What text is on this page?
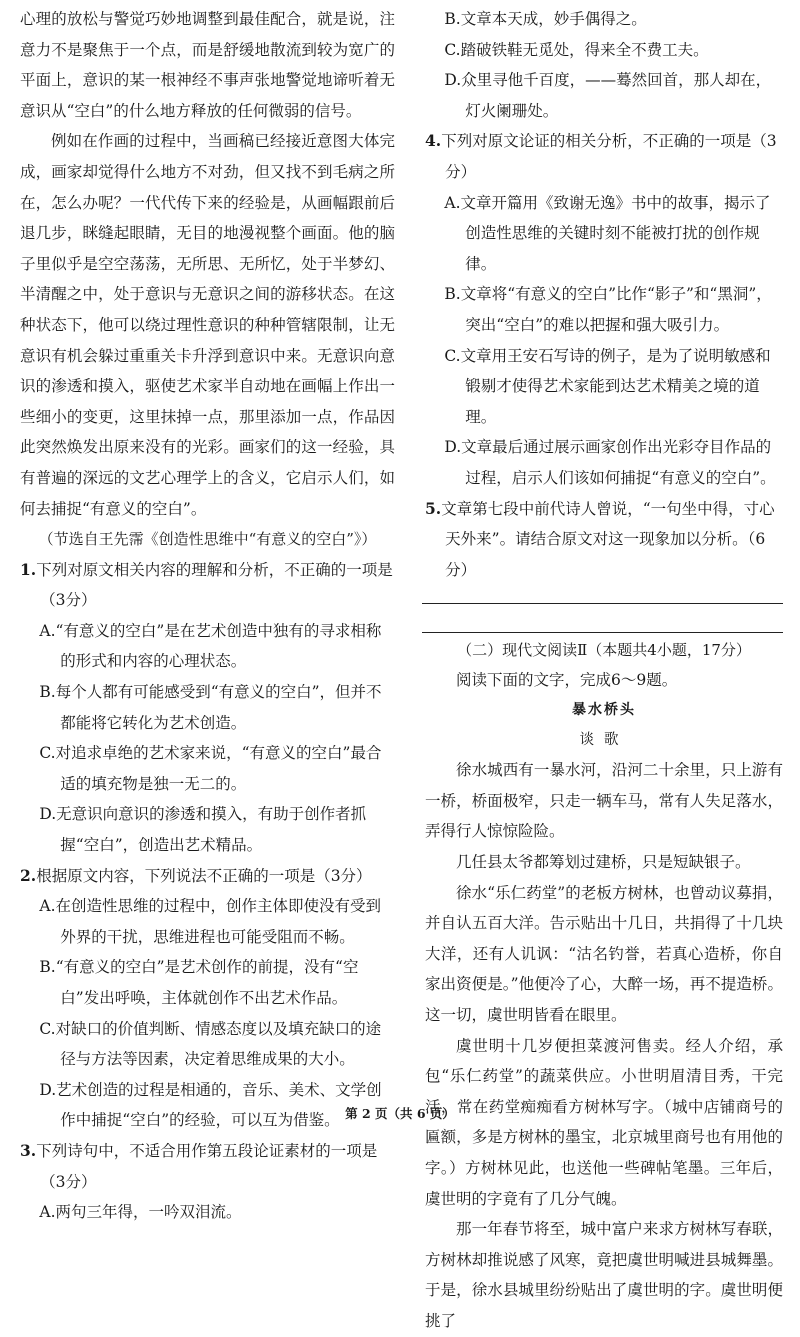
心理的放松与警觉巧妙地调整到最佳配合，就是说，注意力不是聚焦于一个点，而是舒缓地散流到较为宽广的平面上，意识的某一根神经不事声张地警觉地谛听着无意识从“空白”的什么地方释放的任何微弱的信号。

例如在作画的过程中，当画稿已经接近意图大体完成，画家却觉得什么地方不对劲，但又找不到毛病之所在，怎么办呢？一代代传下来的经验是，从画幅跟前后退几步，眯缝起眼睛，无目的地漫视整个画面。他的脑子里似乎是空空荡荡，无所思、无所忆，处于半梦幻、半清醒之中，处于意识与无意识之间的游移状态。在这种状态下，他可以绕过理性意识的种种管辖限制，让无意识有机会躲过重重关卡升浮到意识中来。无意识向意识的渗透和摸入，驱使艺术家半自动地在画幅上作出一些细小的变更，这里抹掉一点，那里添加一点，作品因此突然焕发出原来没有的光彩。画家们的这一经验，具有普遍的深远的文艺心理学上的含义，它启示人们，如何去捕捉“有意义的空白”。

（节选自王先霈《创造性思维中“有意义的空白”》）

1.下列对原文相关内容的理解和分析，不正确的一项是（3分）

A.“有意义的空白”是在艺术创造中独有的寻求相称的形式和内容的心理状态。

B.每个人都有可能感受到“有意义的空白”，但并不都能将它转化为艺术创造。

C.对追求卓绝的艺术家来说，“有意义的空白”最合适的填充物是独一无二的。

D.无意识向意识的渗透和摸入，有助于创作者抓握“空白”，创造出艺术精品。

2.根据原文内容，下列说法不正确的一项是（3分）

A.在创造性思维的过程中，创作主体即使没有受到外界的干扰，思维进程也可能受阻而不畅。

B.“有意义的空白”是艺术创作的前提，没有“空白”发出呼唤，主体就创作不出艺术作品。

C.对缺口的价值判断、情感态度以及填充缺口的途径与方法等因素，决定着思维成果的大小。

D.艺术创造的过程是相通的，音乐、美术、文学创作中捕捉“空白”的经验，可以互为借鉴。

3.下列诗句中，不适合用作第五段论证素材的一项是（3分）

A.两句三年得，一吟双泪流。

B.文章本天成，妙手偶得之。

C.踏破铁鞋无觅处，得来全不费工夫。

D.众里寻他千百度，——蓦然回首，那人却在，灯火阑珊处。

4.下列对原文论证的相关分析，不正确的一项是（3分）

A.文章开篇用《致谢无逸》书中的故事，揭示了创造性思维的关键时刻不能被打扰的创作规律。

B.文章将“有意义的空白”比作“影子”和“黑洞”，突出“空白”的难以把握和强大吸引力。

C.文章用王安石写诗的例子，是为了说明敏感和锻剔才使得艺术家能到达艺术精美之境的道理。

D.文章最后通过展示画家创作出光彩夺目作品的过程，启示人们该如何捕捉“有意义的空白”。

5.文章第七段中前代诗人曾说，“一句坐中得，寸心天外来”。请结合原文对这一现象加以分析。（6分）

（二）现代文阅读Ⅱ（本题共4小题，17分）

阅读下面的文字，完成6～9题。

暴水桥头

谈歌

徐水城西有一暴水河，沿河二十余里，只上游有一桥，桥面极窄，只走一辆车马，常有人失足落水，弄得行人惊惊险险。

几任县太爷都筹划过建桥，只是短缺银子。

徐水“乐仁药堂”的老板方树林，也曾动议募捐，并自认五百大洋。告示贴出十几日，共捐得了十几块大洋，还有人讥讽：“沽名钓誉，若真心造桥，你自家出资便是。”他便冷了心，大醉一场，再不提造桥。这一切，虞世明皆看在眼里。

虞世明十几岁便担菜渡河售卖。经人介绍，承包“乐仁药堂”的蔬菜供应。小世明眉清目秀，干完活，常在药堂痴痴看方树林写字。（城中店铺商号的匾额，多是方树林的墨宝，北京城里商号也有用他的字。）方树林见此，也送他一些碑帖笔墨。三年后，虞世明的字竟有了几分气魄。

那一年春节将至，城中富户来求方树林写春联，方树林却推说感了风寒，竟把虞世明喊进县城舞墨。于是，徐水县城里纷纷贴出了虞世明的字。虞世明便挑了

第 2 页（共 6 页）
